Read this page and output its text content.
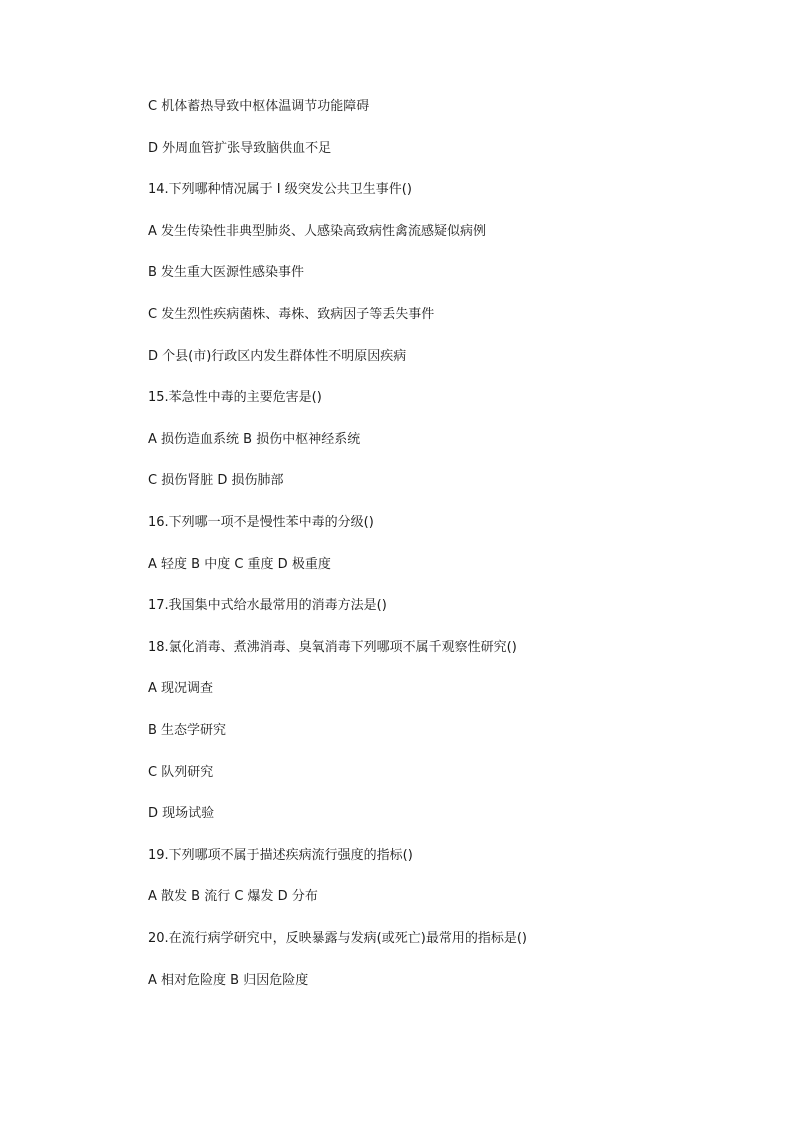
C 机体蓄热导致中枢体温调节功能障碍
D 外周血管扩张导致脑供血不足
14.下列哪种情况属于 I 级突发公共卫生事件()
A 发生传染性非典型肺炎、人感染高致病性禽流感疑似病例
B 发生重大医源性感染事件
C 发生烈性疾病菌株、毒株、致病因子等丢失事件
D 个县(市)行政区内发生群体性不明原因疾病
15.苯急性中毒的主要危害是()
A 损伤造血系统 B 损伤中枢神经系统
C 损伤肾脏 D 损伤肺部
16.下列哪一项不是慢性苯中毒的分级()
A 轻度 B 中度 C 重度 D 极重度
17.我国集中式给水最常用的消毒方法是()
18.氯化消毒、煮沸消毒、臭氧消毒下列哪项不属千观察性研究()
A 现况调查
B 生态学研究
C 队列研究
D 现场试验
19.下列哪项不属于描述疾病流行强度的指标()
A 散发 B 流行 C 爆发 D 分布
20.在流行病学研究中，反映暴露与发病(或死亡)最常用的指标是()
A 相对危险度 B 归因危险度
